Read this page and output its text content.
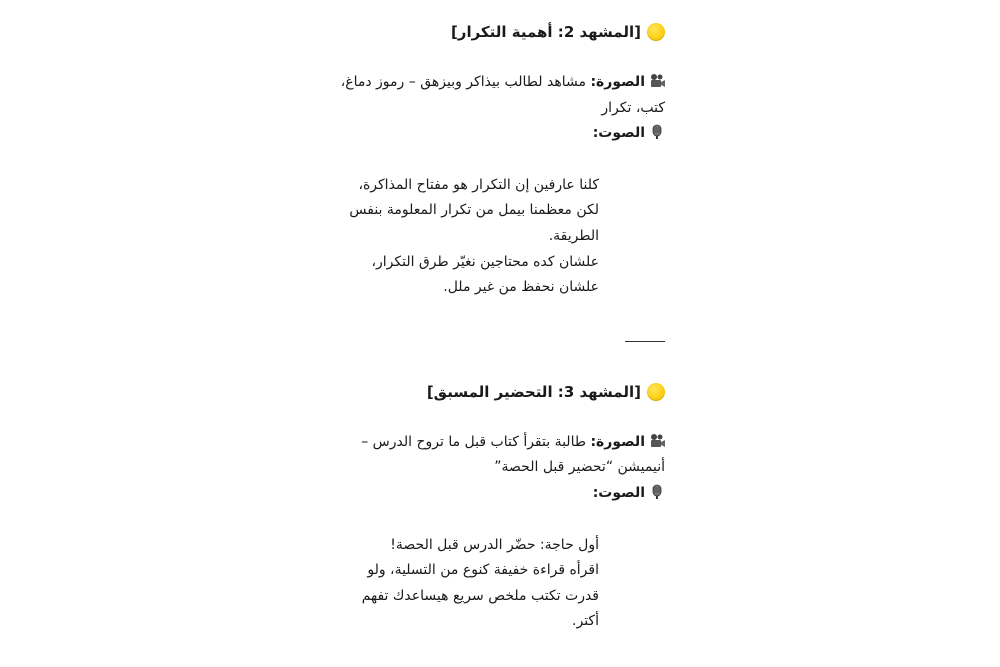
[المشهد 2: أهمية التكرار]

الصورة: مشاهد لطالب بيذاكر وبيزهق – رموز دماغ،

كتب، تكرار

الصوت:

كلنا عارفين إن التكرار هو مفتاح المذاكرة،

لكن معظمنا بيمل من تكرار المعلومة بنفس

الطريقة.

علشان كده محتاجين نغيّر طرق التكرار،

علشان نحفظ من غير ملل.

[المشهد 3: التحضير المسبق]

الصورة: طالبة بتقرأ كتاب قبل ما تروح الدرس –

أنيميشن “تحضير قبل الحصة”

الصوت:

أول حاجة: حضّر الدرس قبل الحصة!

اقرأه قراءة خفيفة كنوع من التسلية، ولو

قدرت تكتب ملخص سريع هيساعدك تفهم

أكتر.
